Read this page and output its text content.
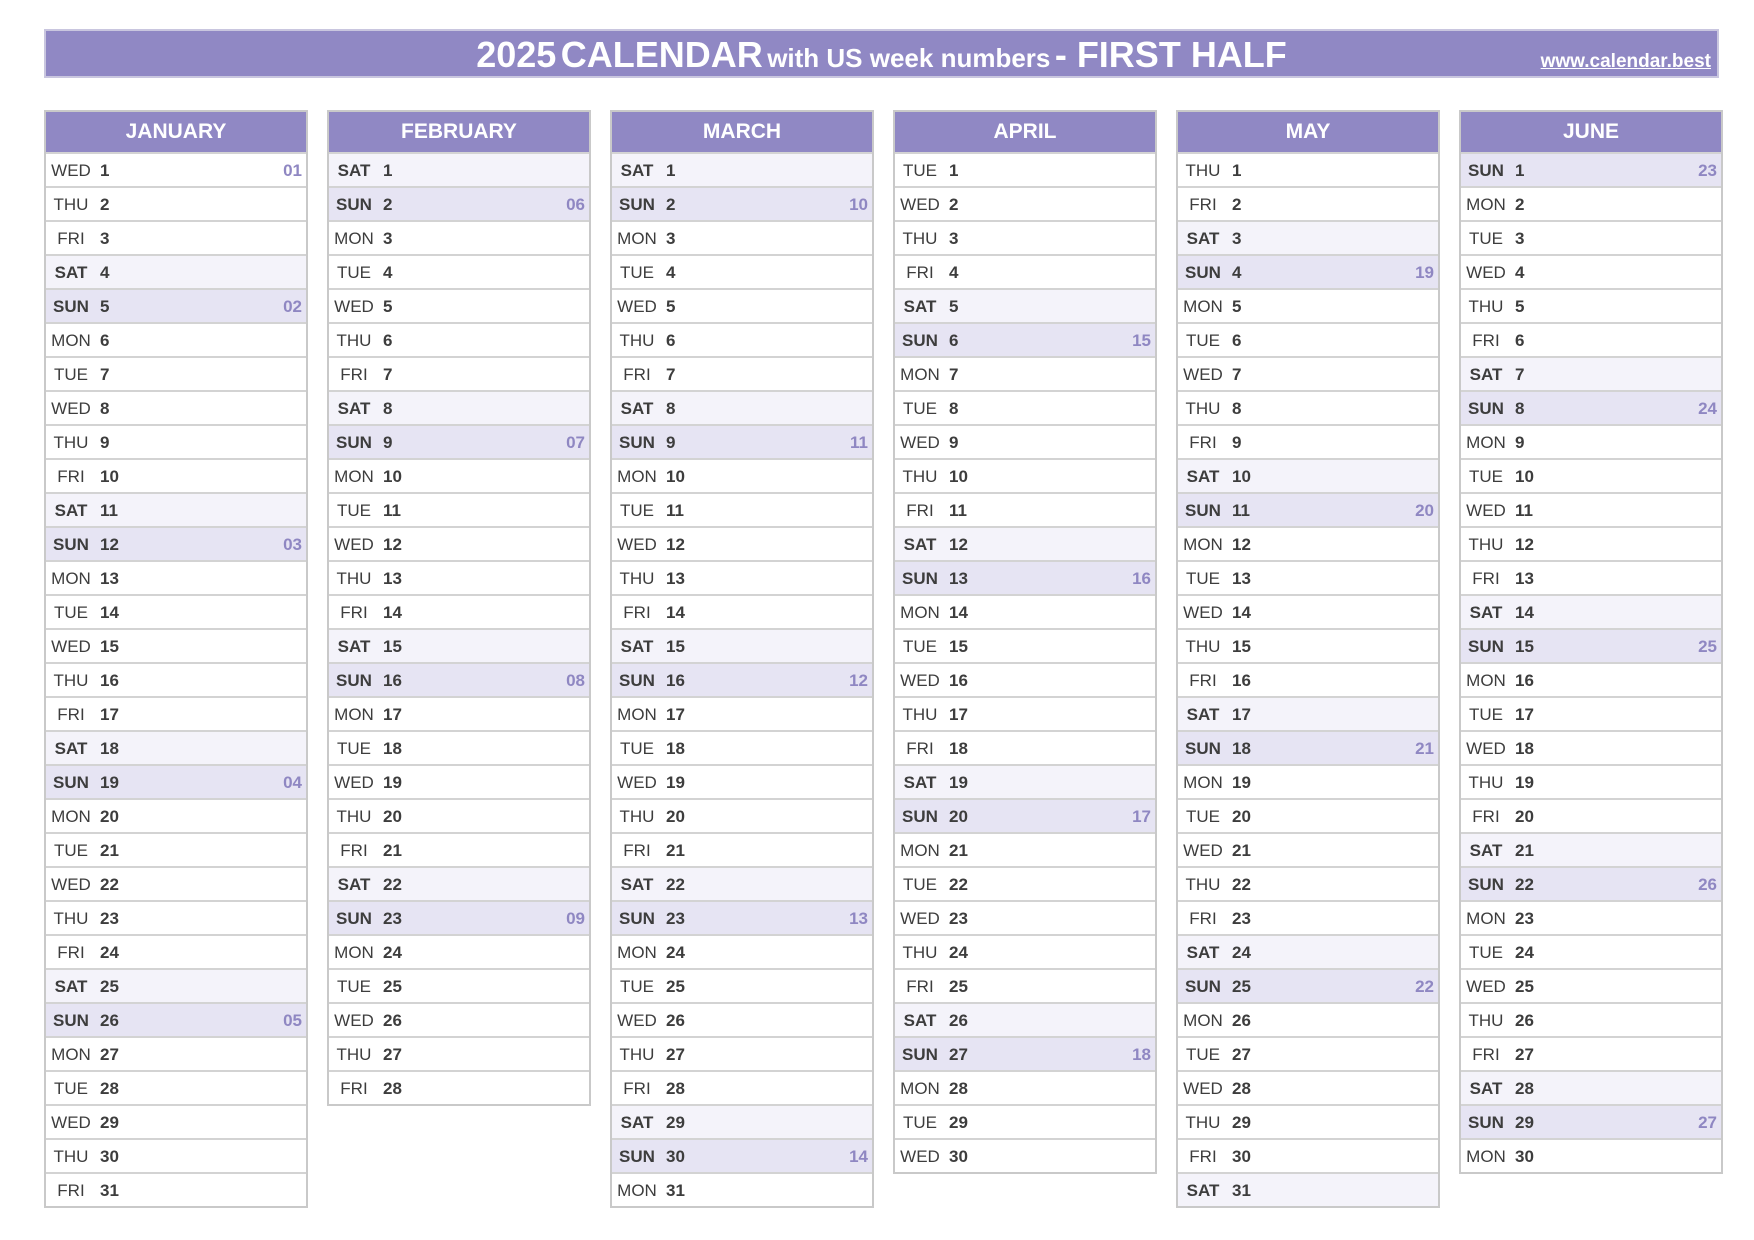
2025 CALENDAR with US week numbers - FIRST HALF	www.calendar.best
JANUARY
WED 1	01
THU 2
FRI 3
SAT 4
SUN 5	02
MON 6
TUE 7
WED 8
THU 9
FRI 10
SAT 11
SUN 12	03
MON 13
TUE 14
WED 15
THU 16
FRI 17
SAT 18
SUN 19	04
MON 20
TUE 21
WED 22
THU 23
FRI 24
SAT 25
SUN 26	05
MON 27
TUE 28
WED 29
THU 30
FRI 31
FEBRUARY
SAT 1
SUN 2	06
MON 3
TUE 4
WED 5
THU 6
FRI 7
SAT 8
SUN 9	07
MON 10
TUE 11
WED 12
THU 13
FRI 14
SAT 15
SUN 16	08
MON 17
TUE 18
WED 19
THU 20
FRI 21
SAT 22
SUN 23	09
MON 24
TUE 25
WED 26
THU 27
FRI 28
MARCH
SAT 1
SUN 2	10
MON 3
TUE 4
WED 5
THU 6
FRI 7
SAT 8
SUN 9	11
MON 10
TUE 11
WED 12
THU 13
FRI 14
SAT 15
SUN 16	12
MON 17
TUE 18
WED 19
THU 20
FRI 21
SAT 22
SUN 23	13
MON 24
TUE 25
WED 26
THU 27
FRI 28
SAT 29
SUN 30	14
MON 31
APRIL
TUE 1
WED 2
THU 3
FRI 4
SAT 5
SUN 6	15
MON 7
TUE 8
WED 9
THU 10
FRI 11
SAT 12
SUN 13	16
MON 14
TUE 15
WED 16
THU 17
FRI 18
SAT 19
SUN 20	17
MON 21
TUE 22
WED 23
THU 24
FRI 25
SAT 26
SUN 27	18
MON 28
TUE 29
WED 30
MAY
THU 1
FRI 2
SAT 3
SUN 4	19
MON 5
TUE 6
WED 7
THU 8
FRI 9
SAT 10
SUN 11	20
MON 12
TUE 13
WED 14
THU 15
FRI 16
SAT 17
SUN 18	21
MON 19
TUE 20
WED 21
THU 22
FRI 23
SAT 24
SUN 25	22
MON 26
TUE 27
WED 28
THU 29
FRI 30
SAT 31
JUNE
SUN 1	23
MON 2
TUE 3
WED 4
THU 5
FRI 6
SAT 7
SUN 8	24
MON 9
TUE 10
WED 11
THU 12
FRI 13
SAT 14
SUN 15	25
MON 16
TUE 17
WED 18
THU 19
FRI 20
SAT 21
SUN 22	26
MON 23
TUE 24
WED 25
THU 26
FRI 27
SAT 28
SUN 29	27
MON 30
